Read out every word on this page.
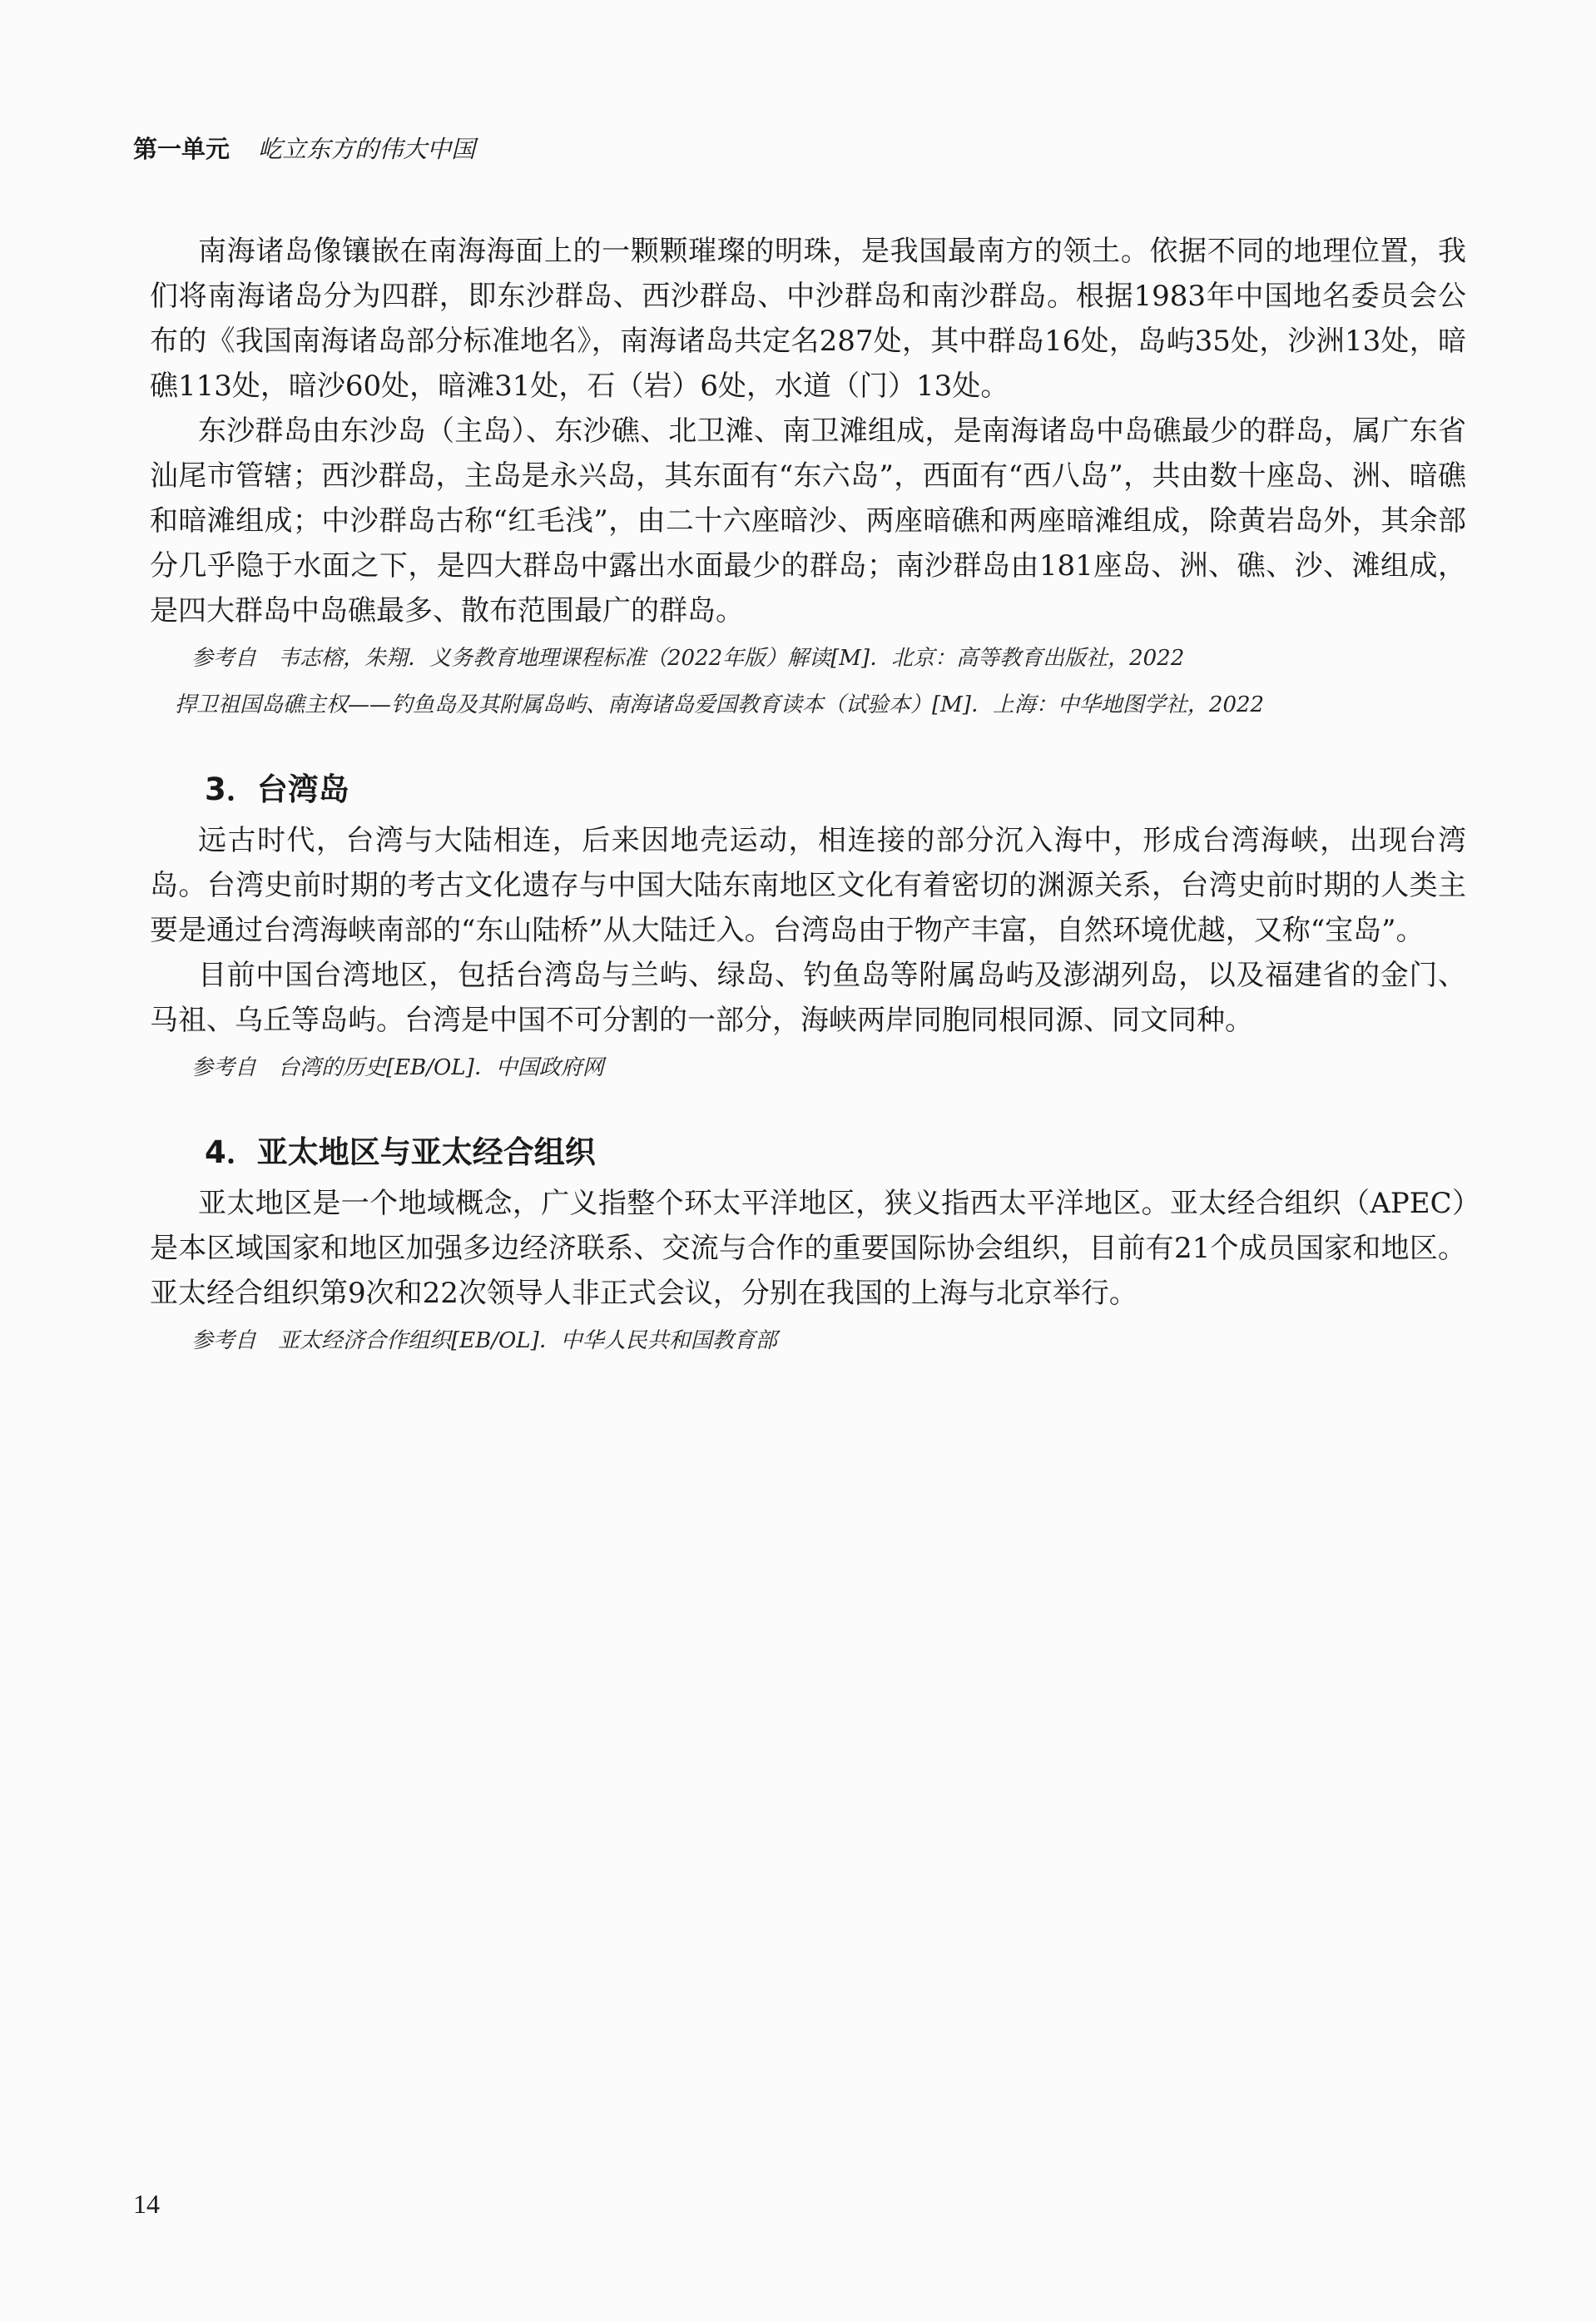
第一单元 屹立东方的伟大中国

南海诸岛像镶嵌在南海海面上的一颗颗璀璨的明珠，是我国最南方的领土。依据不同的地理位置，我们将南海诸岛分为四群，即东沙群岛、西沙群岛、中沙群岛和南沙群岛。根据1983年中国地名委员会公布的《我国南海诸岛部分标准地名》，南海诸岛共定名287处，其中群岛16处，岛屿35处，沙洲13处，暗礁113处，暗沙60处，暗滩31处，石（岩）6处，水道（门）13处。

东沙群岛由东沙岛（主岛）、东沙礁、北卫滩、南卫滩组成，是南海诸岛中岛礁最少的群岛，属广东省汕尾市管辖；西沙群岛，主岛是永兴岛，其东面有“东六岛”，西面有“西八岛”，共由数十座岛、洲、暗礁和暗滩组成；中沙群岛古称“红毛浅”，由二十六座暗沙、两座暗礁和两座暗滩组成，除黄岩岛外，其余部分几乎隐于水面之下，是四大群岛中露出水面最少的群岛；南沙群岛由181座岛、洲、礁、沙、滩组成，是四大群岛中岛礁最多、散布范围最广的群岛。

参考自　韦志榕，朱翔．义务教育地理课程标准（2022年版）解读[M]．北京：高等教育出版社，2022

捍卫祖国岛礁主权——钓鱼岛及其附属岛屿、南海诸岛爱国教育读本（试验本）[M]．上海：中华地图学社，2022

3．台湾岛

远古时代，台湾与大陆相连，后来因地壳运动，相连接的部分沉入海中，形成台湾海峡，出现台湾岛。台湾史前时期的考古文化遗存与中国大陆东南地区文化有着密切的渊源关系，台湾史前时期的人类主要是通过台湾海峡南部的“东山陆桥”从大陆迁入。台湾岛由于物产丰富，自然环境优越，又称“宝岛”。

目前中国台湾地区，包括台湾岛与兰屿、绿岛、钓鱼岛等附属岛屿及澎湖列岛，以及福建省的金门、马祖、乌丘等岛屿。台湾是中国不可分割的一部分，海峡两岸同胞同根同源、同文同种。

参考自　台湾的历史[EB/OL]．中国政府网

4．亚太地区与亚太经合组织

亚太地区是一个地域概念，广义指整个环太平洋地区，狭义指西太平洋地区。亚太经合组织（APEC）是本区域国家和地区加强多边经济联系、交流与合作的重要国际协会组织，目前有21个成员国家和地区。亚太经合组织第9次和22次领导人非正式会议，分别在我国的上海与北京举行。

参考自　亚太经济合作组织[EB/OL]．中华人民共和国教育部

14
